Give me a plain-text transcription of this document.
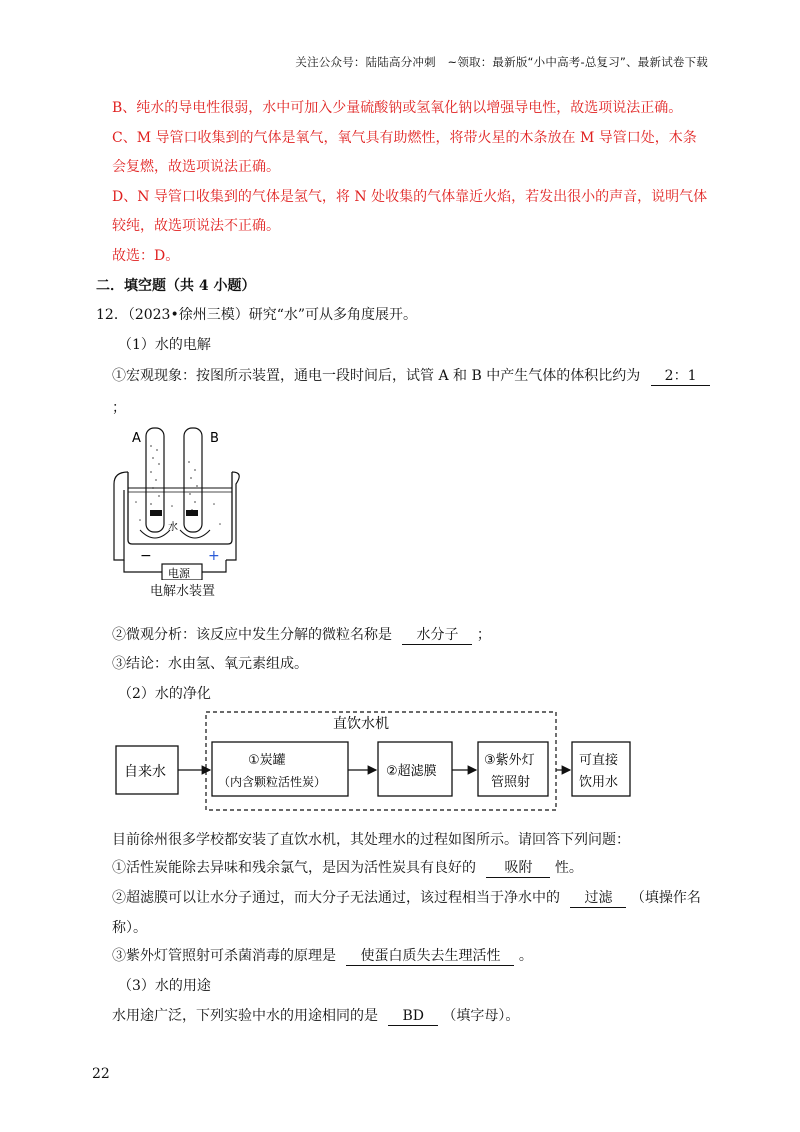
关注公众号：陆陆高分冲刺　~领取：最新版“小中高考-总复习”、最新试卷下载
B、纯水的导电性很弱，水中可加入少量硫酸钠或氢氧化钠以增强导电性，故选项说法正确。
C、M 导管口收集到的气体是氧气，氧气具有助燃性，将带火星的木条放在 M 导管口处，木条
会复燃，故选项说法正确。
D、N 导管口收集到的气体是氢气，将 N 处收集的气体靠近火焰，若发出很小的声音，说明气体
较纯，故选项说法不正确。
故选：D。
二．填空题（共 4 小题）
12．（2023•徐州三模）研究“水”可从多角度展开。
（1）水的电解
①宏观现象：按图所示装置，通电一段时间后，试管 A 和 B 中产生气体的体积比约为 2：1
；
A	B
水
−	+
电源
电解水装置
②微观分析：该反应中发生分解的微粒名称是 水分子 ；
③结论：水由氢、氧元素组成。
（2）水的净化
直饮水机
自来水
①炭罐
（内含颗粒活性炭）
②超滤膜
③紫外灯
管照射
可直接
饮用水
目前徐州很多学校都安装了直饮水机，其处理水的过程如图所示。请回答下列问题：
①活性炭能除去异味和残余氯气，是因为活性炭具有良好的 吸附 性。
②超滤膜可以让水分子通过，而大分子无法通过，该过程相当于净水中的 过滤 （填操作名
称）。
③紫外灯管照射可杀菌消毒的原理是 使蛋白质失去生理活性 。
（3）水的用途
水用途广泛，下列实验中水的用途相同的是 BD （填字母）。
22
